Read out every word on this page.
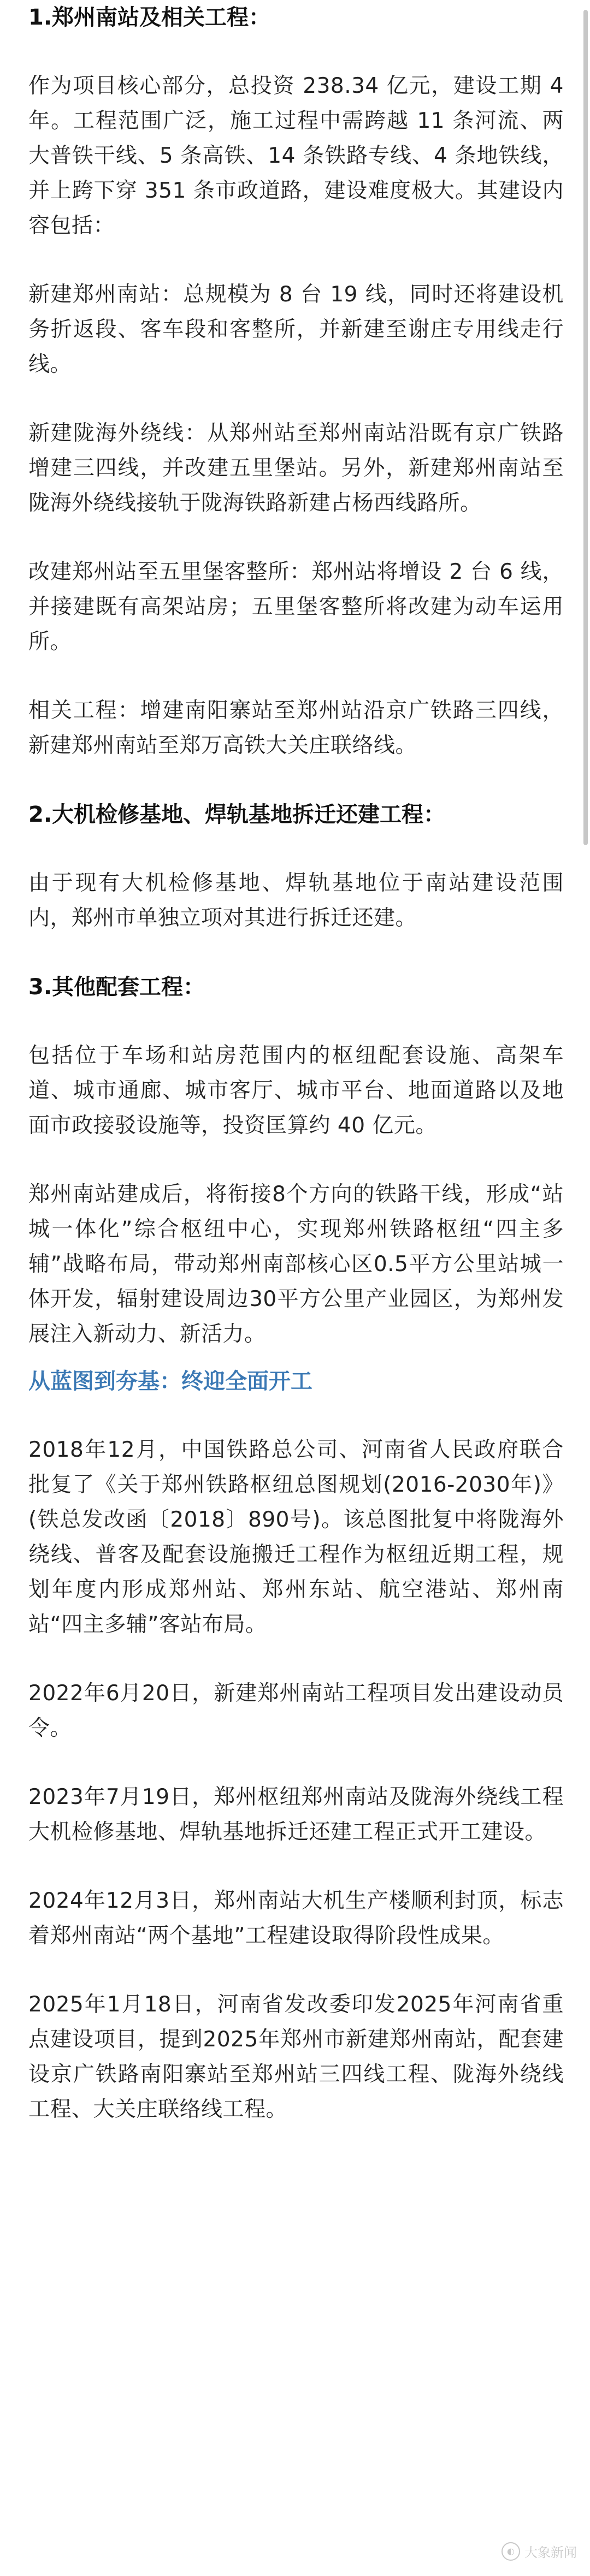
1.郑州南站及相关工程：
作为项目核心部分，总投资 238.34 亿元，建设工期 4 年。工程范围广泛，施工过程中需跨越 11 条河流、两大普铁干线、5 条高铁、14 条铁路专线、4 条地铁线，并上跨下穿 351 条市政道路，建设难度极大。其建设内容包括：
新建郑州南站：总规模为 8 台 19 线，同时还将建设机务折返段、客车段和客整所，并新建至谢庄专用线走行线。
新建陇海外绕线：从郑州站至郑州南站沿既有京广铁路增建三四线，并改建五里堡站。另外，新建郑州南站至陇海外绕线接轨于陇海铁路新建占杨西线路所。
改建郑州站至五里堡客整所：郑州站将增设 2 台 6 线，并接建既有高架站房；五里堡客整所将改建为动车运用所。
相关工程：增建南阳寨站至郑州站沿京广铁路三四线，新建郑州南站至郑万高铁大关庄联络线。
2.大机检修基地、焊轨基地拆迁还建工程：
由于现有大机检修基地、焊轨基地位于南站建设范围内，郑州市单独立项对其进行拆迁还建。
3.其他配套工程：
包括位于车场和站房范围内的枢纽配套设施、高架车道、城市通廊、城市客厅、城市平台、地面道路以及地面市政接驳设施等，投资匡算约 40 亿元。
郑州南站建成后，将衔接8个方向的铁路干线，形成“站城一体化”综合枢纽中心，实现郑州铁路枢纽“四主多辅”战略布局，带动郑州南部核心区0.5平方公里站城一体开发，辐射建设周边30平方公里产业园区，为郑州发展注入新动力、新活力。
从蓝图到夯基：终迎全面开工
2018年12月，中国铁路总公司、河南省人民政府联合批复了《关于郑州铁路枢纽总图规划(2016-2030年)》(铁总发改函〔2018〕890号)。该总图批复中将陇海外绕线、普客及配套设施搬迁工程作为枢纽近期工程，规划年度内形成郑州站、郑州东站、航空港站、郑州南站“四主多辅”客站布局。
2022年6月20日，新建郑州南站工程项目发出建设动员令。
2023年7月19日，郑州枢纽郑州南站及陇海外绕线工程大机检修基地、焊轨基地拆迁还建工程正式开工建设。
2024年12月3日，郑州南站大机生产楼顺利封顶，标志着郑州南站“两个基地”工程建设取得阶段性成果。
2025年1月18日，河南省发改委印发2025年河南省重点建设项目，提到2025年郑州市新建郑州南站，配套建设京广铁路南阳寨站至郑州站三四线工程、陇海外绕线工程、大关庄联络线工程。
◐ 大象新闻
